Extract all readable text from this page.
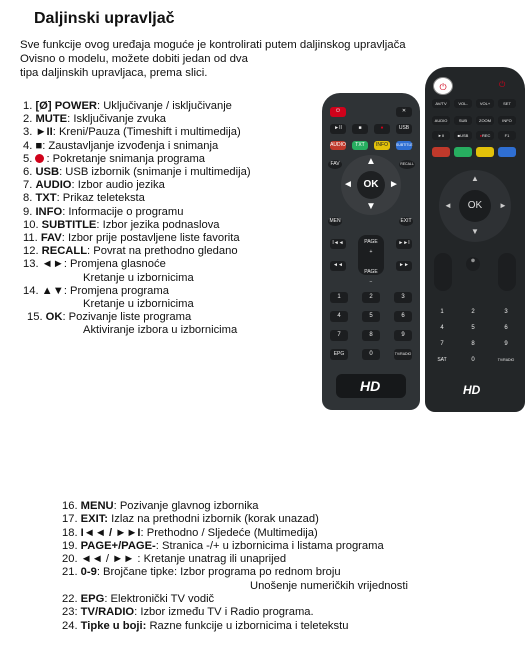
Daljinski upravljač
Sve funkcije ovog uređaja moguće je kontrolirati putem daljinskog upravljača
Ovisno o modelu, možete dobiti jedan od dva
tipa daljinskih upravljaca, prema slici.
1. [Ø] POWER: Uključivanje / isključivanje
2. MUTE: Isključivanje zvuka
3. ►II: Kreni/Pauza (Timeshift i multimedija)
4. ■: Zaustavljanje izvođenja i snimanja
5. : Pokretanje snimanja programa
6. USB: USB izbornik (snimanje i multimedija)
7. AUDIO: Izbor audio jezika
8. TXT: Prikaz teleteksta
9. INFO: Informacije o programu
10. SUBTITLE: Izbor jezika podnaslova
11. FAV: Izbor prije postavljene liste favorita
12. RECALL: Povrat na prethodno gledano
13. ◄►: Promjena glasnoće
Kretanje u izbornicima
14. ▲▼: Promjena programa
Kretanje u izbornicima
15. OK: Pozivanje liste programa
Aktiviranje izbora u izbornicima
⏻	✕
►II	■	●	USB
AUDIO	TXT	INFO	SUBTITLE
FAV	RECALL
▲
▼
◄	►
OK
MEN	EXIT
I◄◄	►►I
◄◄	►►
PAGE
+

PAGE
−
1	2	3
4	5	6
7	8	9
EPG	0	TV/RADIO
HD
⏻	⏻
AV/TV	VOL-	VOL+	SET
AUDIO	SUB	ZOOM	INFO
►II	■USB	●REC	F1
▲
▼
◄	►
OK
⊗
1	2	3
4	5	6
7	8	9
SAT	0	TV/RADIO
HD
16. MENU: Pozivanje glavnog izbornika
17. EXIT: Izlaz na prethodni izbornik (korak unazad)
18. I◄◄ / ►►I: Prethodno / Sljedeće (Multimedija)
19. PAGE+/PAGE-: Stranica -/+ u izbornicima i listama programa
20. ◄◄ / ►► : Kretanje unatrag ili unaprijed
21. 0-9: Brojčane tipke: Izbor programa po rednom broju
Unošenje numeričkih vrijednosti
22. EPG: Elektronički TV vodič
23: TV/RADIO: Izbor između TV i Radio programa.
24. Tipke u boji: Razne funkcije u izbornicima i teletekstu
